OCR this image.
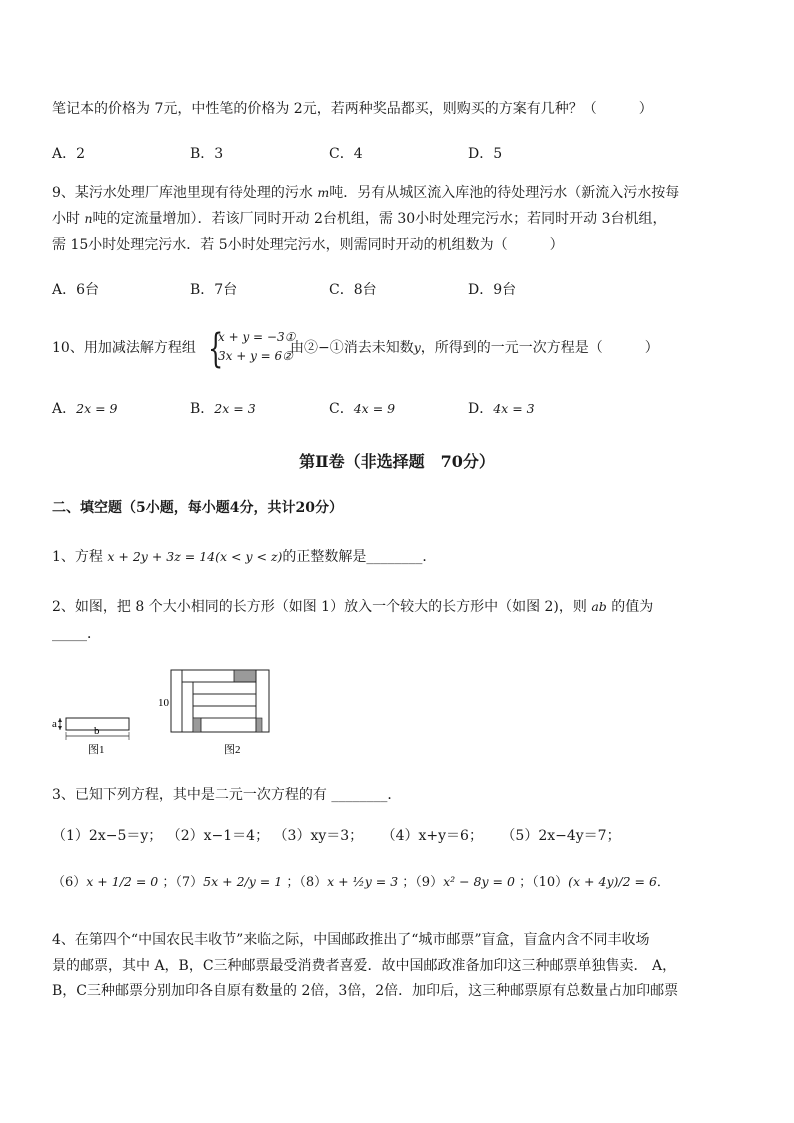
笔记本的价格为 7元，中性笔的价格为 2元，若两种奖品都买，则购买的方案有几种？（　　　）
A．2	B．3	C．4	D．5
9、某污水处理厂库池里现有待处理的污水 m吨．另有从城区流入库池的待处理污水（新流入污水按每
小时 n吨的定流量增加）．若该厂同时开动 2台机组，需 30小时处理完污水；若同时开动 3台机组，
需 15小时处理完污水．若 5小时处理完污水，则需同时开动的机组数为（　　　）
A．6台	B．7台	C．8台	D．9台
10、用加减法解方程组 {
x + y = −3①
3x + y = 6②
由②−①消去未知数y，所得到的一元一次方程是（　　　）
A．2x = 9	B．2x = 3	C．4x = 9	D．4x = 3
第Ⅱ卷（非选择题　70分）
二、填空题（5小题，每小题4分，共计20分）
1、方程 x + 2y + 3z = 14(x < y < z)的正整数解是________．
2、如图，把 8 个大小相同的长方形（如图 1）放入一个较大的长方形中（如图 2)，则 ab 的值为
_____．
a
b
图1
10
图2
3、已知下列方程，其中是二元一次方程的有 ________．
（1）2x−5＝y； （2）x−1＝4； （3）xy＝3； （4）x+y＝6； （5）2x−4y＝7；
（6）x + 1/2 = 0 ；（7）5x + 2/y = 1 ；（8）x + ½y = 3 ；（9）x² − 8y = 0 ；（10）(x + 4y)/2 = 6．
4、在第四个“中国农民丰收节”来临之际，中国邮政推出了“城市邮票”盲盒，盲盒内含不同丰收场
景的邮票，其中 A，B，C三种邮票最受消费者喜爱．故中国邮政准备加印这三种邮票单独售卖． A，
B，C三种邮票分别加印各自原有数量的 2倍，3倍，2倍．加印后，这三种邮票原有总数量占加印邮票
